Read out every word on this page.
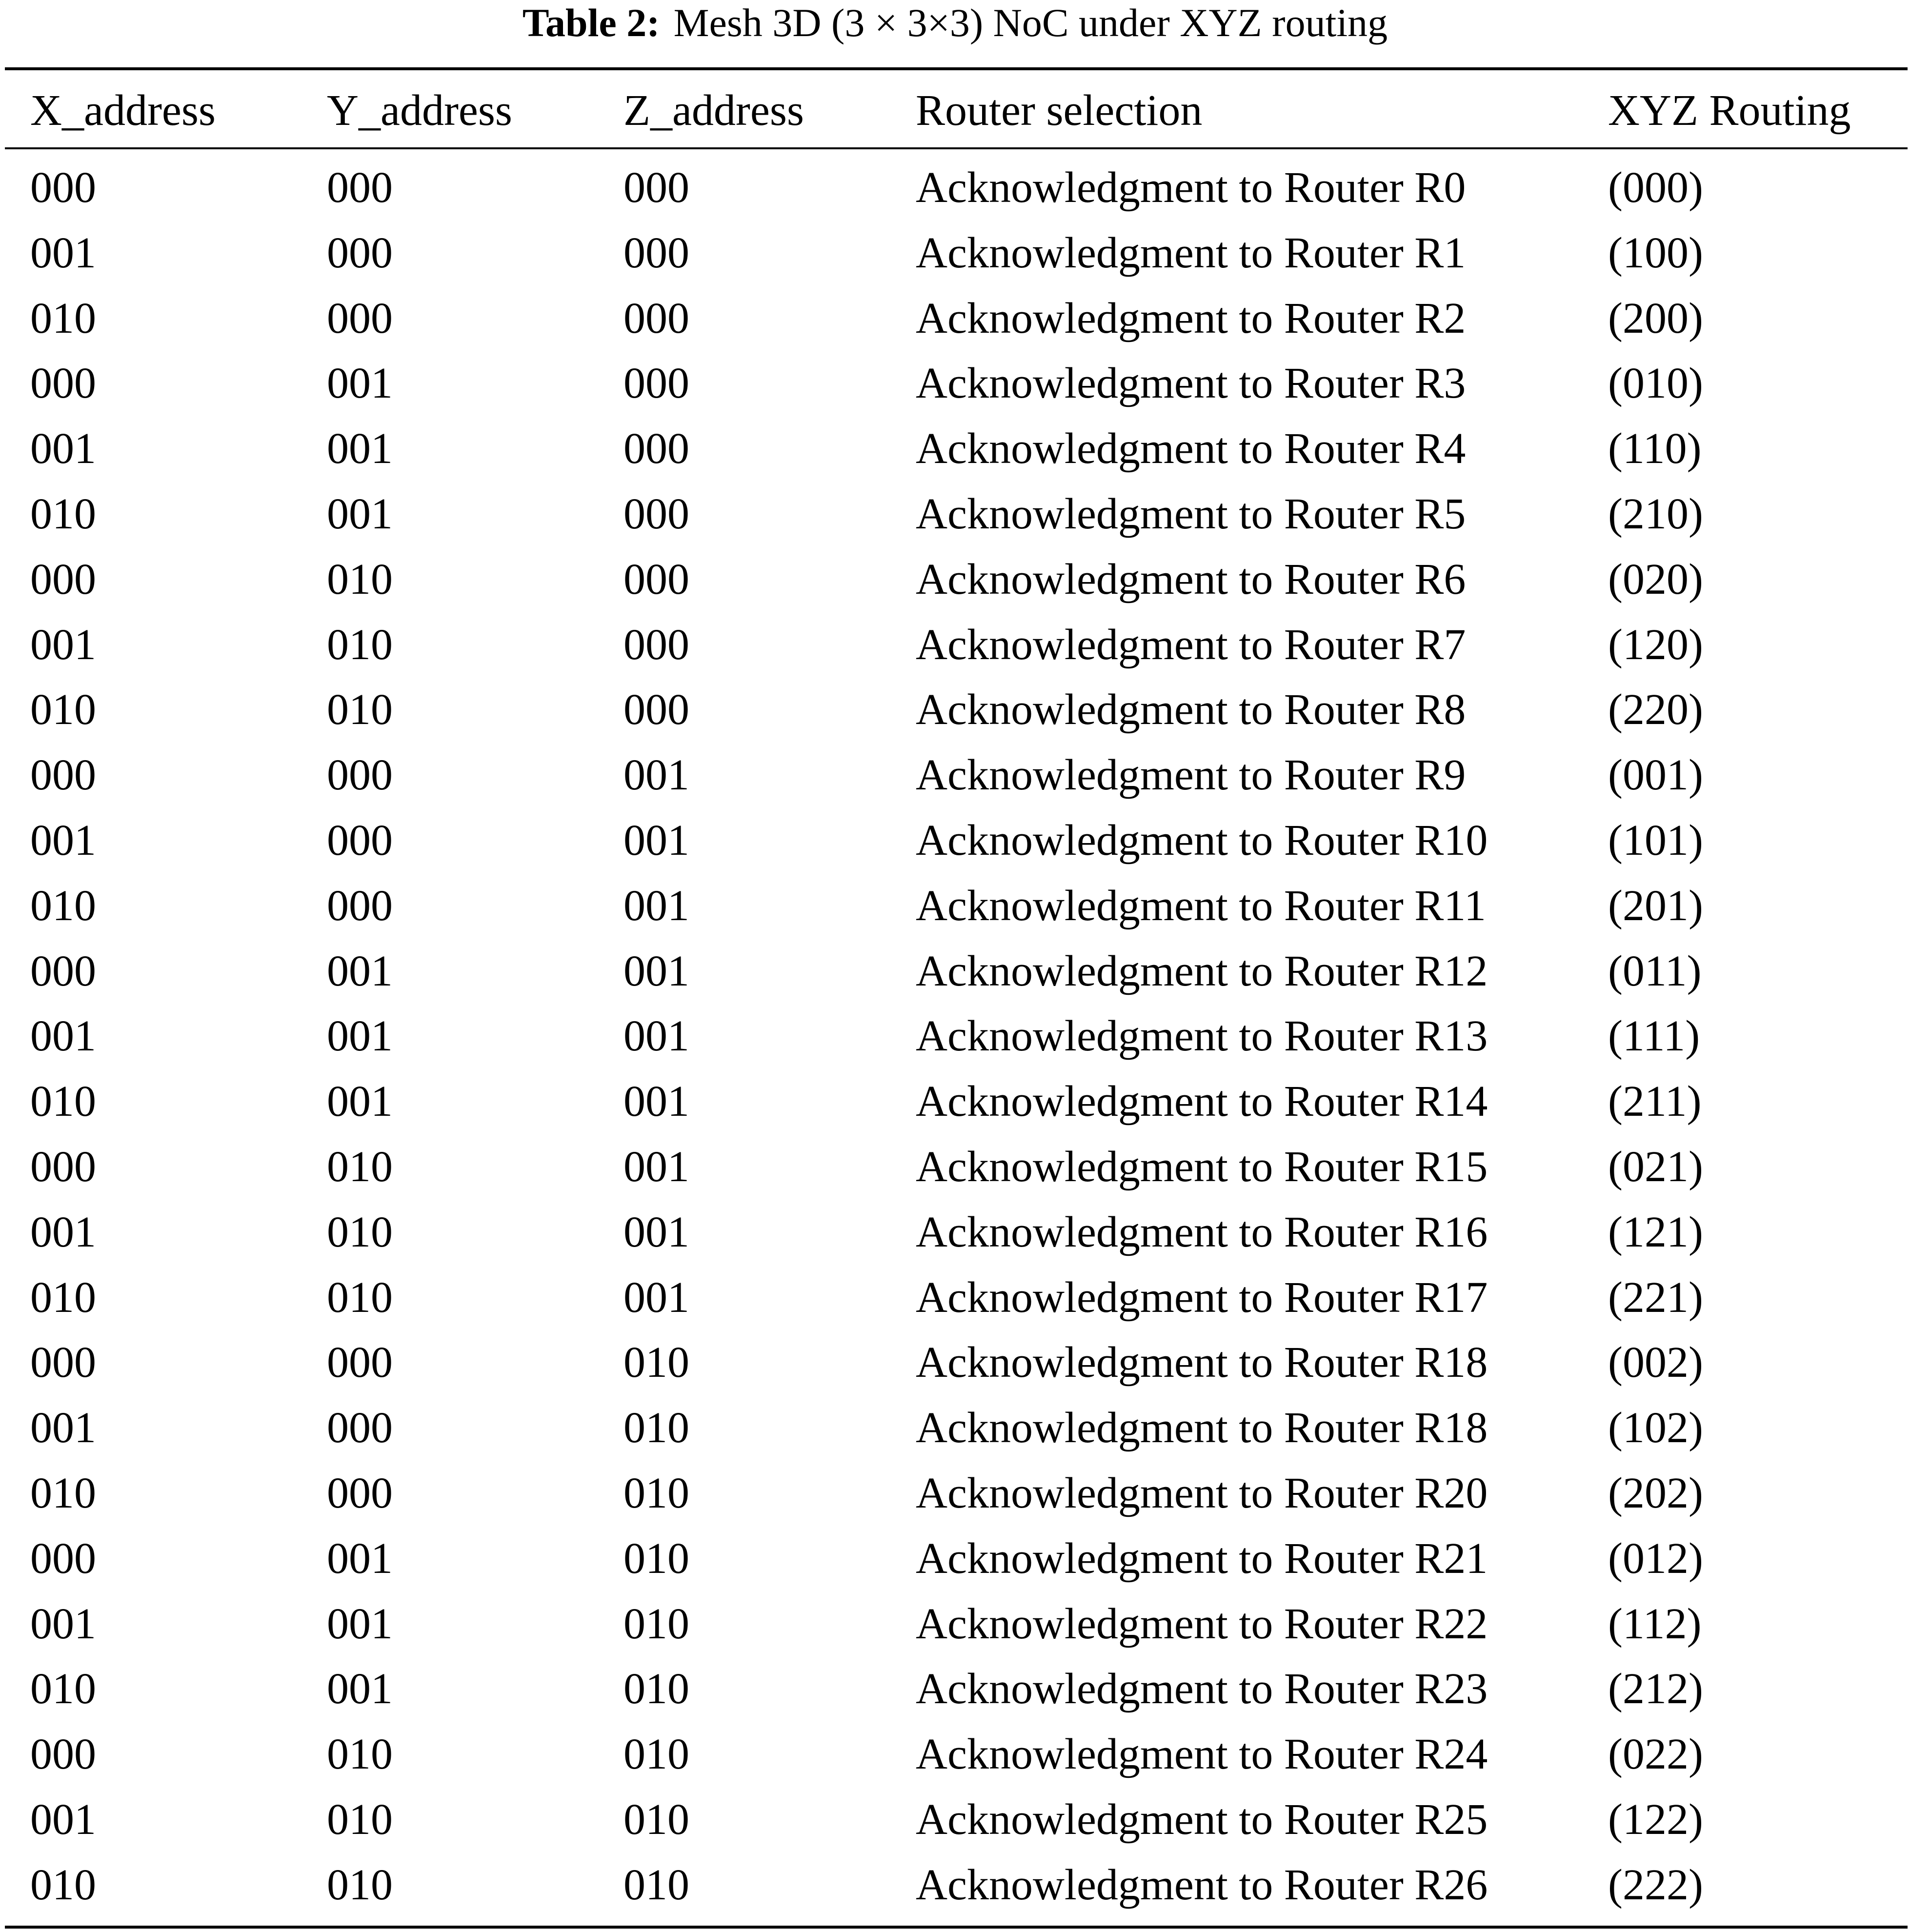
Table 2: Mesh 3D (3 × 3×3) NoC under XYZ routing
X_address	Y_address	Z_address	Router selection	XYZ Routing
000	000	000	Acknowledgment to Router R0	(000)
001	000	000	Acknowledgment to Router R1	(100)
010	000	000	Acknowledgment to Router R2	(200)
000	001	000	Acknowledgment to Router R3	(010)
001	001	000	Acknowledgment to Router R4	(110)
010	001	000	Acknowledgment to Router R5	(210)
000	010	000	Acknowledgment to Router R6	(020)
001	010	000	Acknowledgment to Router R7	(120)
010	010	000	Acknowledgment to Router R8	(220)
000	000	001	Acknowledgment to Router R9	(001)
001	000	001	Acknowledgment to Router R10	(101)
010	000	001	Acknowledgment to Router R11	(201)
000	001	001	Acknowledgment to Router R12	(011)
001	001	001	Acknowledgment to Router R13	(111)
010	001	001	Acknowledgment to Router R14	(211)
000	010	001	Acknowledgment to Router R15	(021)
001	010	001	Acknowledgment to Router R16	(121)
010	010	001	Acknowledgment to Router R17	(221)
000	000	010	Acknowledgment to Router R18	(002)
001	000	010	Acknowledgment to Router R18	(102)
010	000	010	Acknowledgment to Router R20	(202)
000	001	010	Acknowledgment to Router R21	(012)
001	001	010	Acknowledgment to Router R22	(112)
010	001	010	Acknowledgment to Router R23	(212)
000	010	010	Acknowledgment to Router R24	(022)
001	010	010	Acknowledgment to Router R25	(122)
010	010	010	Acknowledgment to Router R26	(222)
